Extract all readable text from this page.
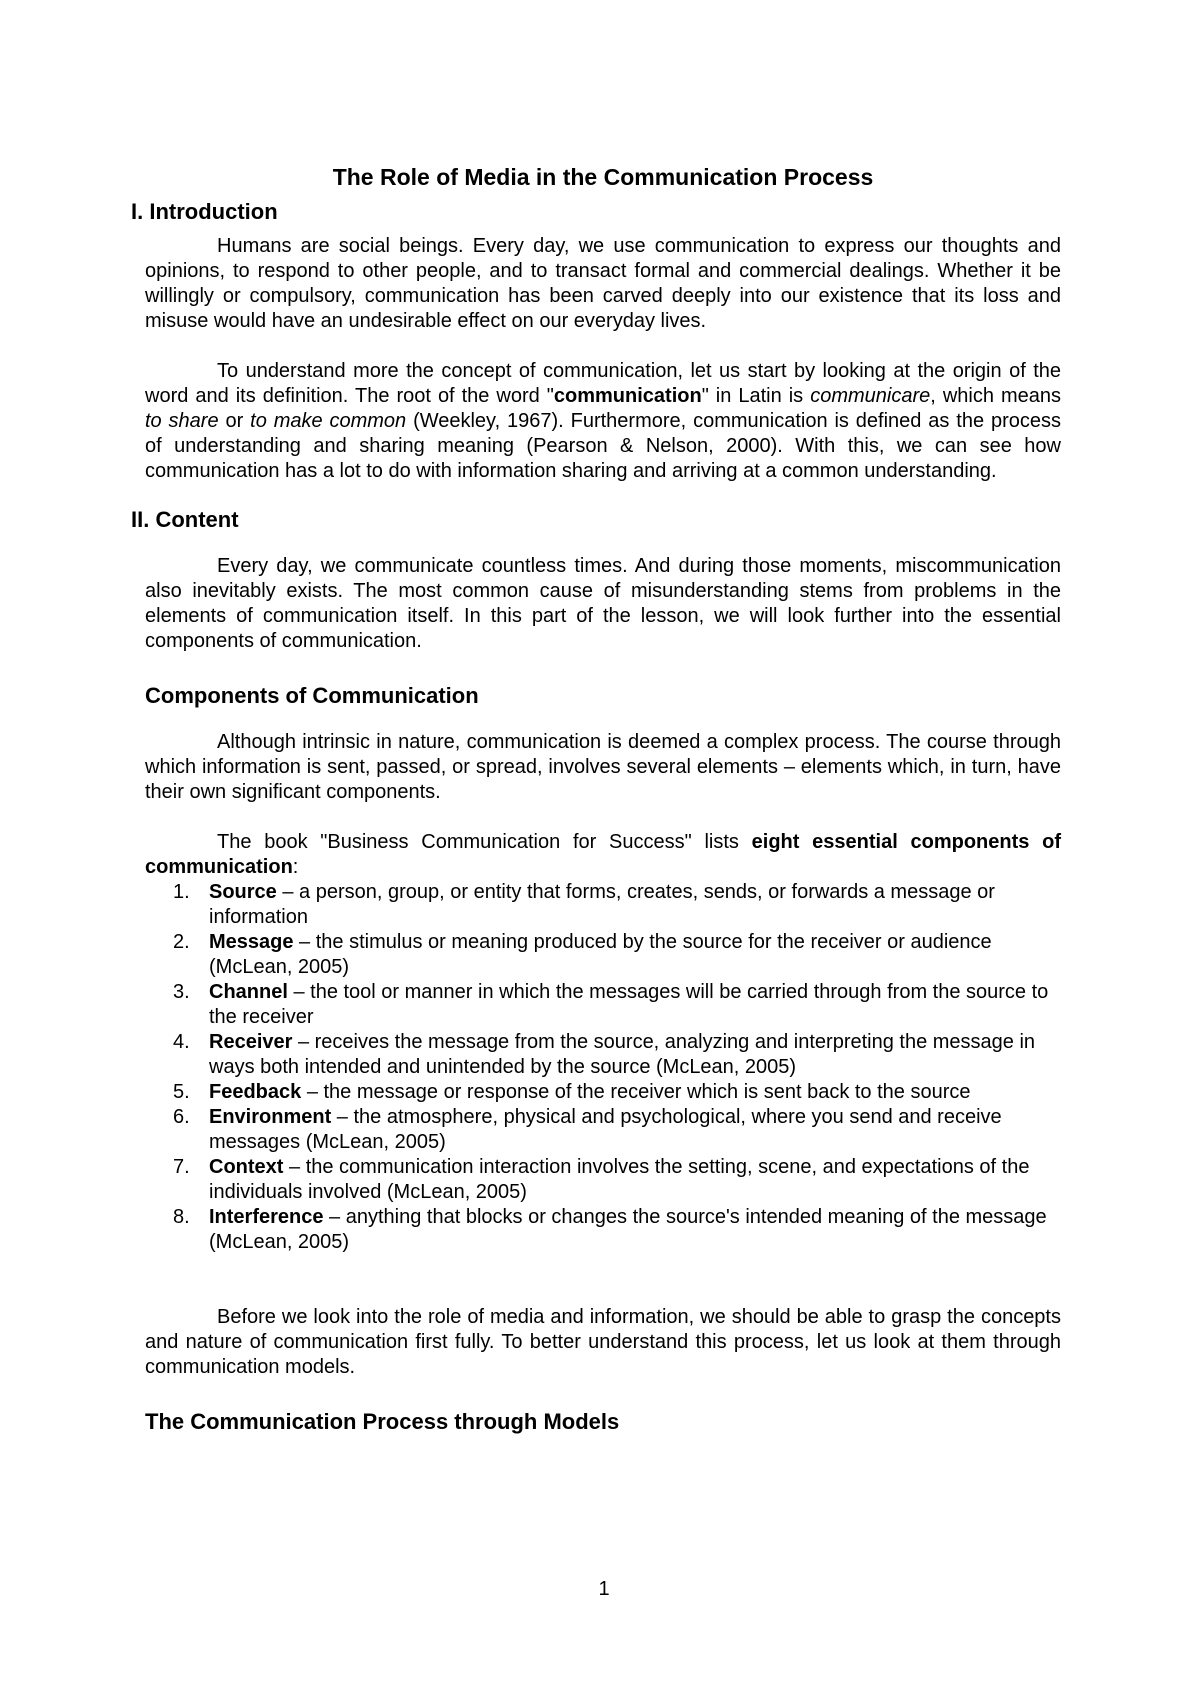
The Role of Media in the Communication Process
I. Introduction

Humans are social beings. Every day, we use communication to express our thoughts and opinions, to respond to other people, and to transact formal and commercial dealings. Whether it be willingly or compulsory, communication has been carved deeply into our existence that its loss and misuse would have an undesirable effect on our everyday lives.

To understand more the concept of communication, let us start by looking at the origin of the word and its definition. The root of the word "communication" in Latin is communicare, which means to share or to make common (Weekley, 1967). Furthermore, communication is defined as the process of understanding and sharing meaning (Pearson & Nelson, 2000). With this, we can see how communication has a lot to do with information sharing and arriving at a common understanding.

II. Content

Every day, we communicate countless times. And during those moments, miscommunication also inevitably exists. The most common cause of misunderstanding stems from problems in the elements of communication itself. In this part of the lesson, we will look further into the essential components of communication.

Components of Communication

Although intrinsic in nature, communication is deemed a complex process. The course through which information is sent, passed, or spread, involves several elements – elements which, in turn, have their own significant components.

The book "Business Communication for Success" lists eight essential components of communication:

1. Source – a person, group, or entity that forms, creates, sends, or forwards a message or information
2. Message – the stimulus or meaning produced by the source for the receiver or audience (McLean, 2005)
3. Channel – the tool or manner in which the messages will be carried through from the source to the receiver
4. Receiver – receives the message from the source, analyzing and interpreting the message in ways both intended and unintended by the source (McLean, 2005)
5. Feedback – the message or response of the receiver which is sent back to the source
6. Environment – the atmosphere, physical and psychological, where you send and receive messages (McLean, 2005)
7. Context – the communication interaction involves the setting, scene, and expectations of the individuals involved (McLean, 2005)
8. Interference – anything that blocks or changes the source's intended meaning of the message (McLean, 2005)

Before we look into the role of media and information, we should be able to grasp the concepts and nature of communication first fully. To better understand this process, let us look at them through communication models.

The Communication Process through Models
1
